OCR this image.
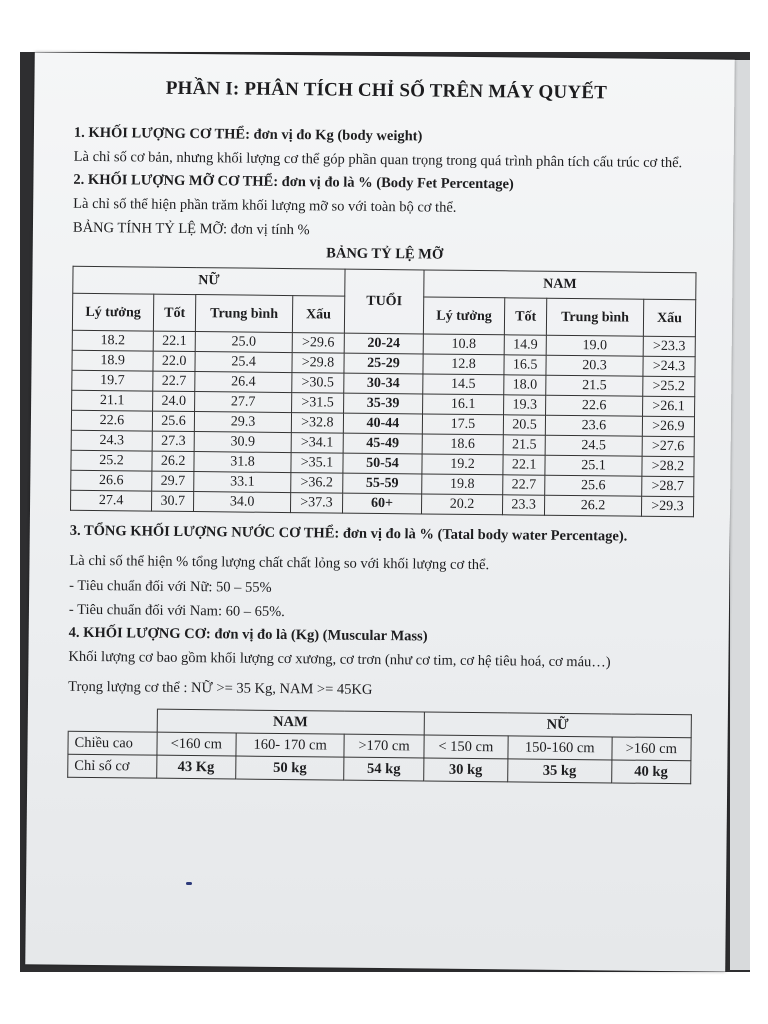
PHẦN I: PHÂN TÍCH CHỈ SỐ TRÊN MÁY QUYẾT
1. KHỐI LƯỢNG CƠ THỂ: đơn vị đo Kg (body weight)

Là chỉ số cơ bản, nhưng khối lượng cơ thể góp phần quan trọng trong quá trình phân tích cấu trúc cơ thể.

2. KHỐI LƯỢNG MỠ CƠ THỂ: đơn vị đo là % (Body Fet Percentage)

Là chỉ số thể hiện phần trăm khối lượng mỡ so với toàn bộ cơ thể.

BẢNG TÍNH TỶ LỆ MỠ: đơn vị tính %

BẢNG TỶ LỆ MỠ
NỮ				TUỔI	NAM			
Lý tưởng	Tốt	Trung bình	Xấu		Lý tưởng	Tốt	Trung bình	Xấu
18.2	22.1	25.0	>29.6	20-24	10.8	14.9	19.0	>23.3
18.9	22.0	25.4	>29.8	25-29	12.8	16.5	20.3	>24.3
19.7	22.7	26.4	>30.5	30-34	14.5	18.0	21.5	>25.2
21.1	24.0	27.7	>31.5	35-39	16.1	19.3	22.6	>26.1
22.6	25.6	29.3	>32.8	40-44	17.5	20.5	23.6	>26.9
24.3	27.3	30.9	>34.1	45-49	18.6	21.5	24.5	>27.6
25.2	26.2	31.8	>35.1	50-54	19.2	22.1	25.1	>28.2
26.6	29.7	33.1	>36.2	55-59	19.8	22.7	25.6	>28.7
27.4	30.7	34.0	>37.3	60+	20.2	23.3	26.2	>29.3
3. TỔNG KHỐI LƯỢNG NƯỚC CƠ THỂ: đơn vị đo là % (Tatal body water Percentage).

Là chỉ số thể hiện % tổng lượng chất chất lỏng so với khối lượng cơ thể.

- Tiêu chuẩn đối với Nữ: 50 – 55%

- Tiêu chuẩn đối với Nam: 60 – 65%.

4. KHỐI LƯỢNG CƠ: đơn vị đo là (Kg) (Muscular Mass)

Khối lượng cơ bao gồm khối lượng cơ xương, cơ trơn (như cơ tim, cơ hệ tiêu hoá, cơ máu…)

Trọng lượng cơ thể : NỮ >= 35 Kg, NAM >= 45KG

	NAM			NỮ		
Chiều cao	<160 cm	160- 170 cm	>170 cm	< 150 cm	150-160 cm	>160 cm
Chỉ số cơ	43 Kg	50 kg	54 kg	30 kg	35 kg	40 kg
